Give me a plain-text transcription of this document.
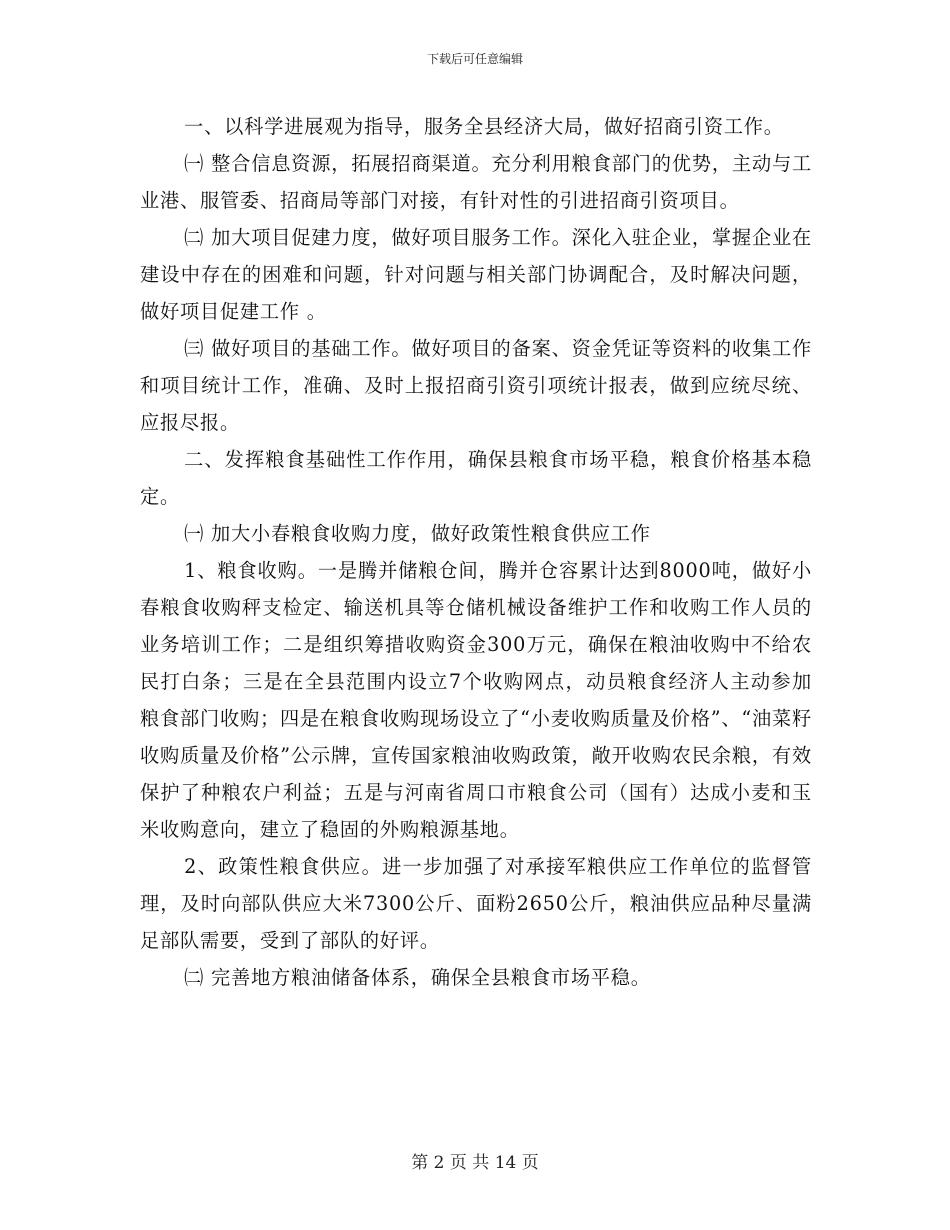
下载后可任意编辑

一、以科学进展观为指导，服务全县经济大局，做好招商引资工作。

㈠ 整合信息资源，拓展招商渠道。充分利用粮食部门的优势，主动与工业港、服管委、招商局等部门对接，有针对性的引进招商引资项目。

㈡ 加大项目促建力度，做好项目服务工作。深化入驻企业，掌握企业在建设中存在的困难和问题，针对问题与相关部门协调配合，及时解决问题，做好项目促建工作 。

㈢ 做好项目的基础工作。做好项目的备案、资金凭证等资料的收集工作和项目统计工作，准确、及时上报招商引资引项统计报表，做到应统尽统、应报尽报。

二、发挥粮食基础性工作作用，确保县粮食市场平稳，粮食价格基本稳定。

㈠ 加大小春粮食收购力度，做好政策性粮食供应工作

1、粮食收购。一是腾并储粮仓间，腾并仓容累计达到8000吨，做好小春粮食收购秤支检定、输送机具等仓储机械设备维护工作和收购工作人员的业务培训工作；二是组织筹措收购资金300万元，确保在粮油收购中不给农民打白条；三是在全县范围内设立7个收购网点，动员粮食经济人主动参加粮食部门收购；四是在粮食收购现场设立了“小麦收购质量及价格”、“油菜籽收购质量及价格”公示牌，宣传国家粮油收购政策，敞开收购农民余粮，有效保护了种粮农户利益；五是与河南省周口市粮食公司（国有）达成小麦和玉米收购意向，建立了稳固的外购粮源基地。

2、政策性粮食供应。进一步加强了对承接军粮供应工作单位的监督管理，及时向部队供应大米7300公斤、面粉2650公斤，粮油供应品种尽量满足部队需要，受到了部队的好评。

㈡ 完善地方粮油储备体系，确保全县粮食市场平稳。

第 2 页 共 14 页
